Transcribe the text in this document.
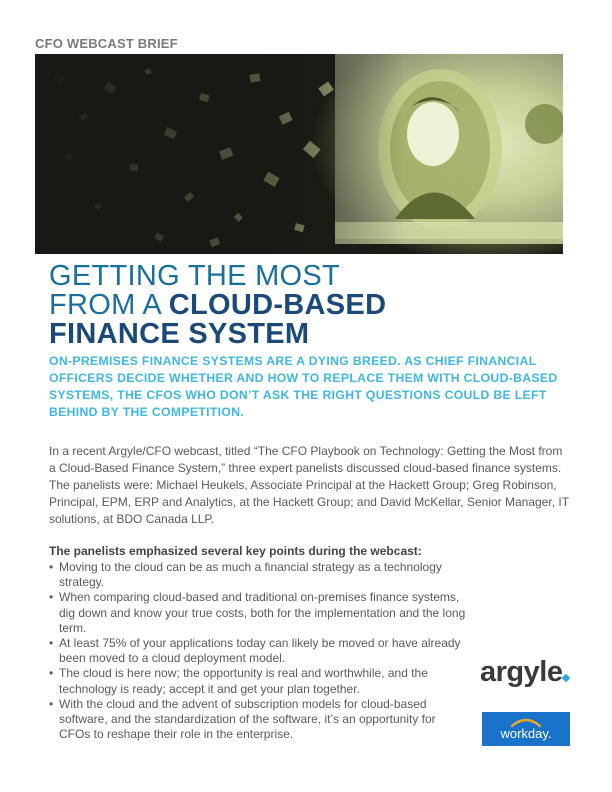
CFO WEBCAST BRIEF
GETTING THE MOST
FROM A CLOUD-BASED
FINANCE SYSTEM
ON-PREMISES FINANCE SYSTEMS ARE A DYING BREED. AS CHIEF FINANCIAL OFFICERS DECIDE WHETHER AND HOW TO REPLACE THEM WITH CLOUD-BASED SYSTEMS, THE CFOS WHO DON’T ASK THE RIGHT QUESTIONS COULD BE LEFT BEHIND BY THE COMPETITION.
In a recent Argyle/CFO webcast, titled “The CFO Playbook on Technology: Getting the Most from a Cloud-Based Finance System,” three expert panelists discussed cloud-based finance systems. The panelists were: Michael Heukels, Associate Principal at the Hackett Group; Greg Robinson, Principal, EPM, ERP and Analytics, at the Hackett Group; and David McKellar, Senior Manager, IT solutions, at BDO Canada LLP.
The panelists emphasized several key points during the webcast:
• Moving to the cloud can be as much a financial strategy as a technology strategy.
• When comparing cloud-based and traditional on-premises finance systems, dig down and know your true costs, both for the implementation and the long term.
• At least 75% of your applications today can likely be moved or have already been moved to a cloud deployment model.
• The cloud is here now; the opportunity is real and worthwhile, and the technology is ready; accept it and get your plan together.
• With the cloud and the advent of subscription models for cloud-based software, and the standardization of the software, it’s an opportunity for CFOs to reshape their role in the enterprise.
argyle
workday.
